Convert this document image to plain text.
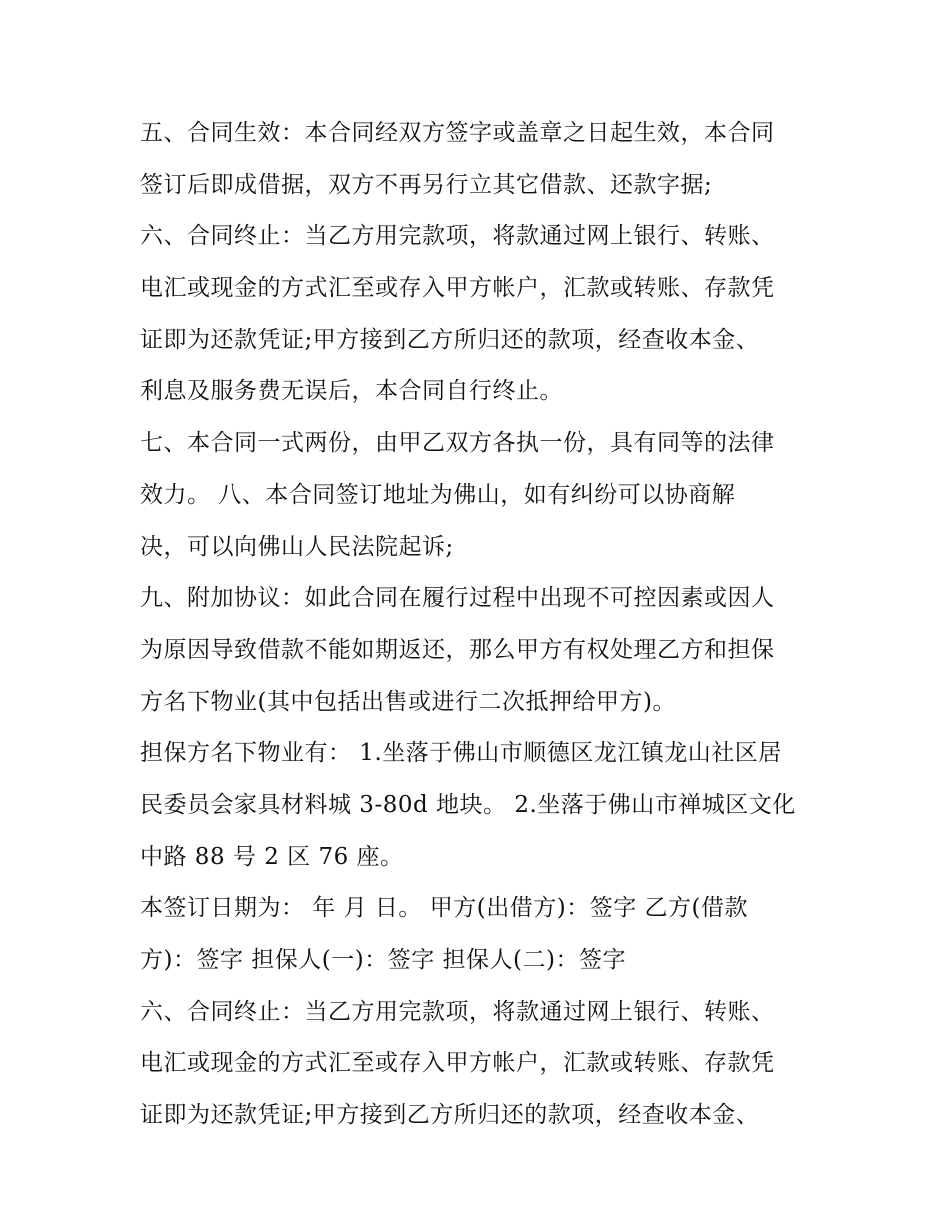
五、合同生效：本合同经双方签字或盖章之日起生效，本合同
签订后即成借据，双方不再另行立其它借款、还款字据;
六、合同终止：当乙方用完款项，将款通过网上银行、转账、
电汇或现金的方式汇至或存入甲方帐户，汇款或转账、存款凭
证即为还款凭证;甲方接到乙方所归还的款项，经查收本金、
利息及服务费无误后，本合同自行终止。
七、本合同一式两份，由甲乙双方各执一份，具有同等的法律
效力。 八、本合同签订地址为佛山，如有纠纷可以协商解
决，可以向佛山人民法院起诉;
九、附加协议：如此合同在履行过程中出现不可控因素或因人
为原因导致借款不能如期返还，那么甲方有权处理乙方和担保
方名下物业(其中包括出售或进行二次抵押给甲方)。
担保方名下物业有： 1.坐落于佛山市顺德区龙江镇龙山社区居
民委员会家具材料城 3-80d 地块。 2.坐落于佛山市禅城区文化
中路 88 号 2 区 76 座。
本签订日期为： 年 月 日。 甲方(出借方)：签字 乙方(借款
方)：签字 担保人(一)：签字 担保人(二)：签字
六、合同终止：当乙方用完款项，将款通过网上银行、转账、
电汇或现金的方式汇至或存入甲方帐户，汇款或转账、存款凭
证即为还款凭证;甲方接到乙方所归还的款项，经查收本金、
